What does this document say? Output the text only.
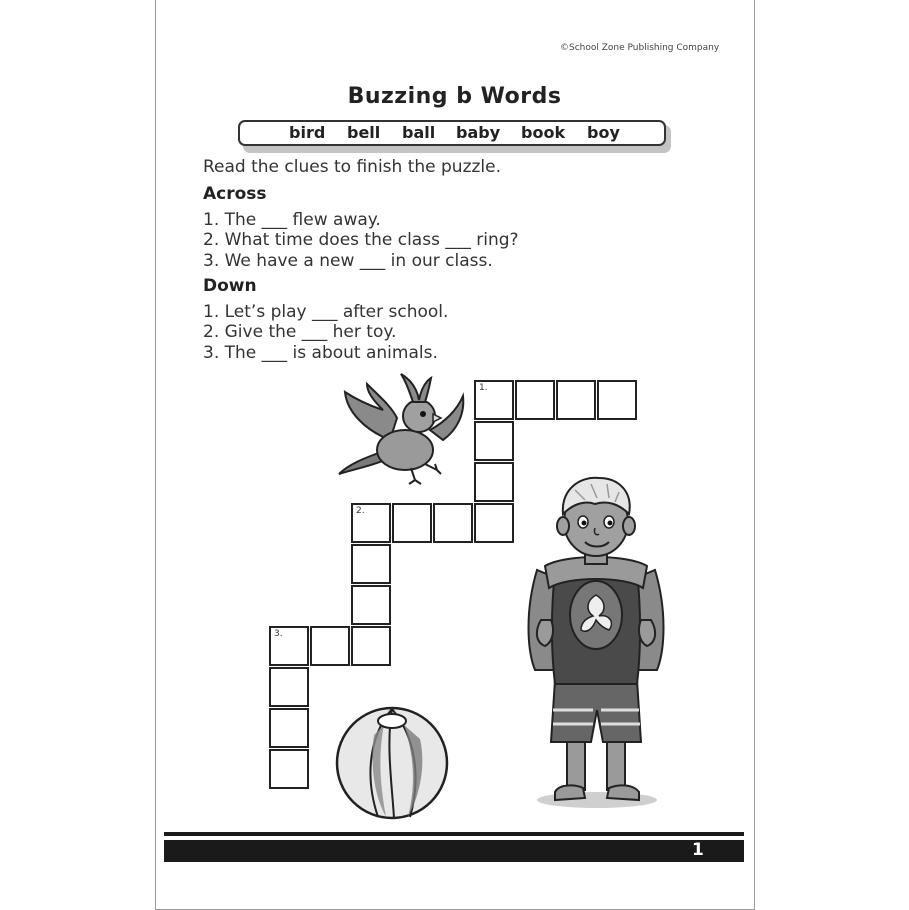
©School Zone Publishing Company
Buzzing b Words
bird bell ball baby book boy
Read the clues to finish the puzzle.
Across
1. The ___ flew away.
2. What time does the class ___ ring?
3. We have a new ___ in our class.
Down
1. Let’s play ___ after school.
2. Give the ___ her toy.
3. The ___ is about animals.
1.
2.
3.
1
